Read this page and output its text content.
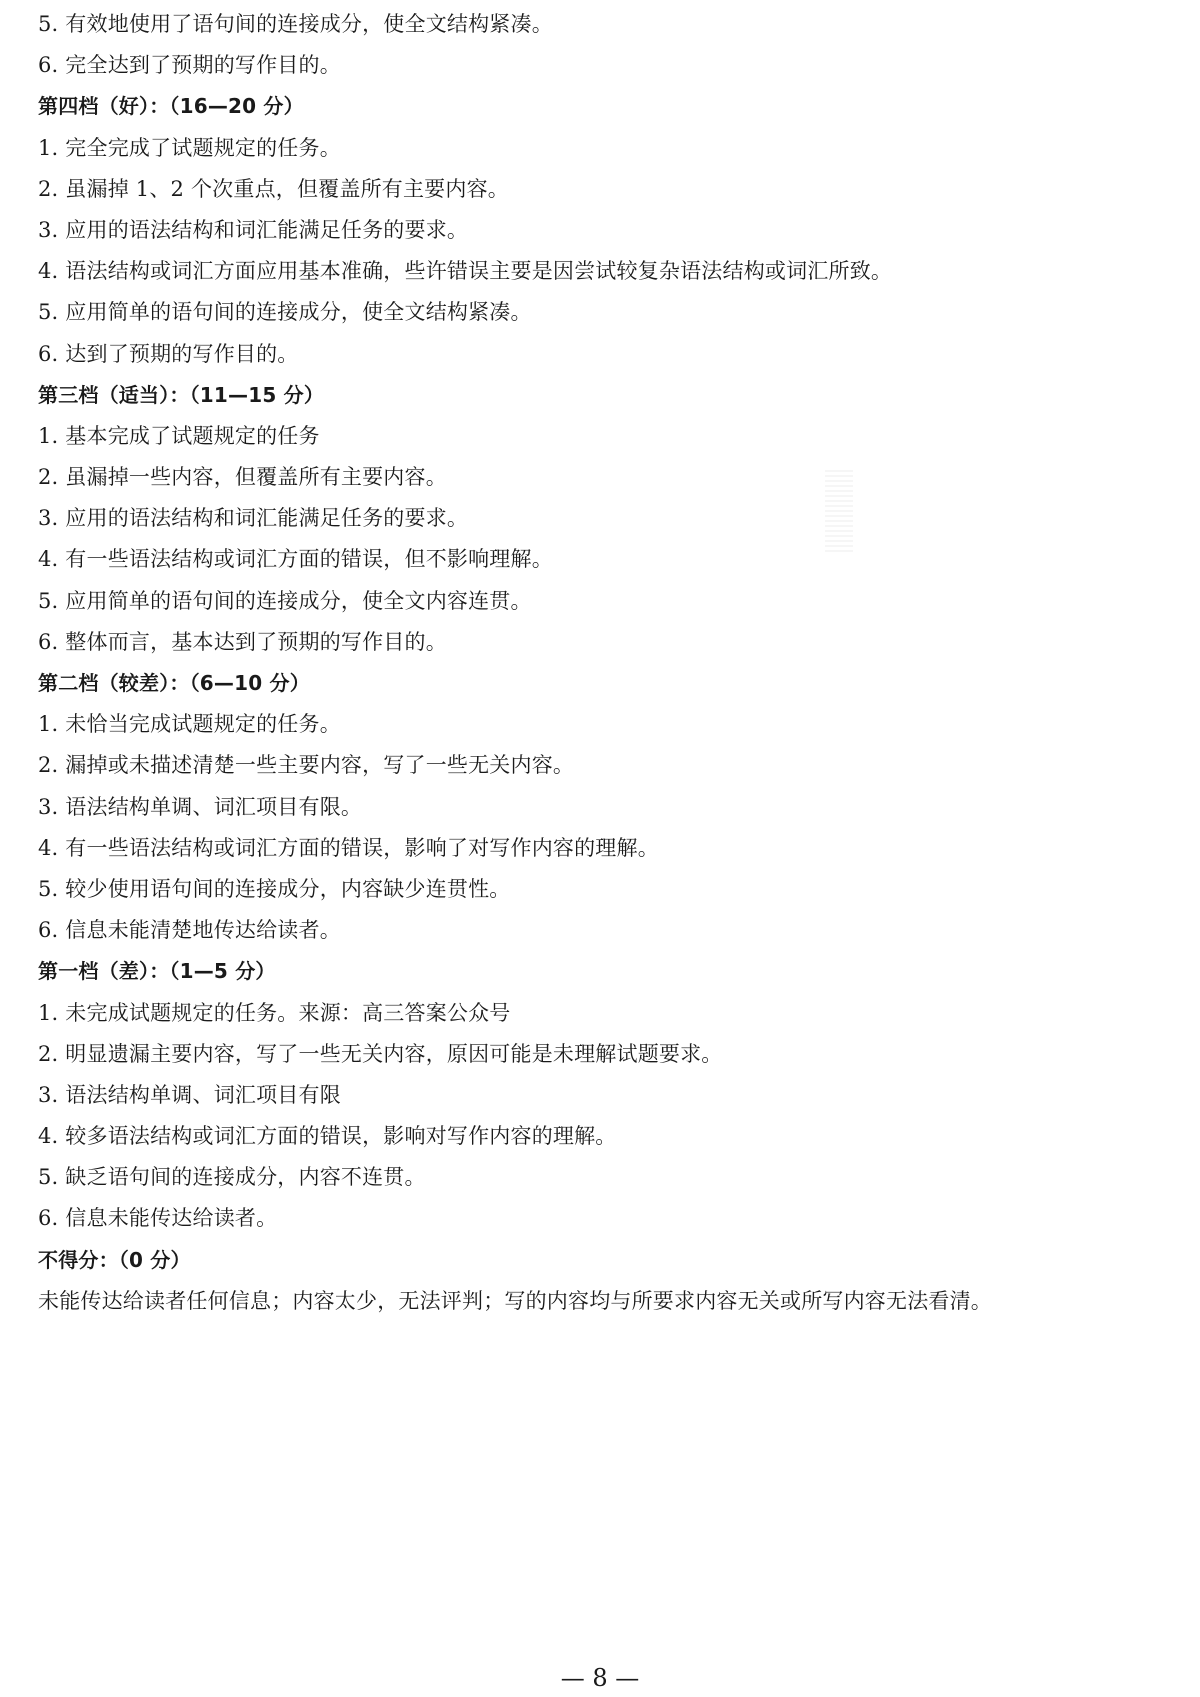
5. 有效地使用了语句间的连接成分，使全文结构紧凑。
6. 完全达到了预期的写作目的。
第四档（好）：（16—20 分）
1. 完全完成了试题规定的任务。
2. 虽漏掉 1、2 个次重点，但覆盖所有主要内容。
3. 应用的语法结构和词汇能满足任务的要求。
4. 语法结构或词汇方面应用基本准确，些许错误主要是因尝试较复杂语法结构或词汇所致。
5. 应用简单的语句间的连接成分，使全文结构紧凑。
6. 达到了预期的写作目的。
第三档（适当）：（11—15 分）
1. 基本完成了试题规定的任务
2. 虽漏掉一些内容，但覆盖所有主要内容。
3. 应用的语法结构和词汇能满足任务的要求。
4. 有一些语法结构或词汇方面的错误，但不影响理解。
5. 应用简单的语句间的连接成分，使全文内容连贯。
6. 整体而言，基本达到了预期的写作目的。
第二档（较差）：（6—10 分）
1. 未恰当完成试题规定的任务。
2. 漏掉或未描述清楚一些主要内容，写了一些无关内容。
3. 语法结构单调、词汇项目有限。
4. 有一些语法结构或词汇方面的错误，影响了对写作内容的理解。
5. 较少使用语句间的连接成分，内容缺少连贯性。
6. 信息未能清楚地传达给读者。
第一档（差）：（1—5 分）
1. 未完成试题规定的任务。来源：高三答案公众号
2. 明显遗漏主要内容，写了一些无关内容，原因可能是未理解试题要求。
3. 语法结构单调、词汇项目有限
4. 较多语法结构或词汇方面的错误，影响对写作内容的理解。
5. 缺乏语句间的连接成分，内容不连贯。
6. 信息未能传达给读者。
不得分：（0 分）
未能传达给读者任何信息；内容太少，无法评判；写的内容均与所要求内容无关或所写内容无法看清。
— 8 —
